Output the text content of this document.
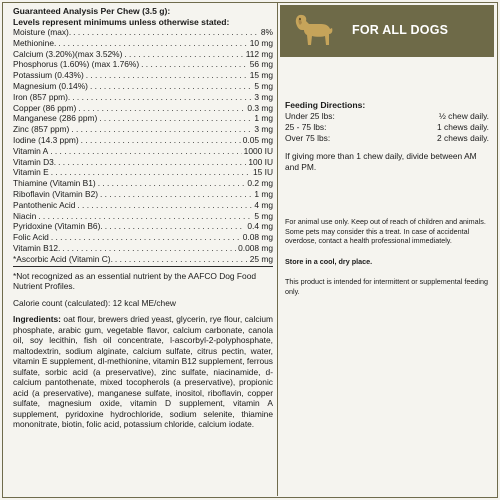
Guaranteed Analysis Per Chew (3.5 g):
Levels represent minimums unless otherwise stated:
Moisture (max). . . .	8%
Methionine. . . .	10 mg
Calcium (3.20%)(max 3.52%) . . .	112 mg
Phosphorus (1.60%) (max 1.76%) . . .	56 mg
Potassium (0.43%) . . .	15 mg
Magnesium (0.14%) . . .	5 mg
Iron (857 ppm). . . .	3 mg
Copper (86 ppm) . . .	0.3 mg
Manganese (286 ppm) . . .	1 mg
Zinc (857 ppm) . . .	3 mg
Iodine (14.3 ppm) . . .	0.05 mg
Vitamin A . . .	1000 IU
Vitamin D3. . . .	100 IU
Vitamin E . . .	15 IU
Thiamine (Vitamin B1) . . .	0.2 mg
Riboflavin (Vitamin B2) . . .	1 mg
Pantothenic Acid . . .	4 mg
Niacin . . .	5 mg
Pyridoxine (Vitamin B6). . . .	0.4 mg
Folic Acid . . .	0.08 mg
Vitamin B12. . . .	0.008 mg
*Ascorbic Acid (Vitamin C). . . .	25 mg
*Not recognized as an essential nutrient by the AAFCO Dog Food Nutrient Profiles.
Calorie count (calculated): 12 kcal ME/chew
Ingredients: oat flour, brewers dried yeast, glycerin, rye flour, calcium phosphate, arabic gum, vegetable flavor, calcium carbonate, canola oil, soy lecithin, fish oil concentrate, l-ascorbyl-2-polyphosphate, maltodextrin, sodium alginate, calcium sulfate, citrus pectin, water, vitamin E supplement, dl-methionine, vitamin B12 supplement, ferrous sulfate, sorbic acid (a preservative), zinc sulfate, niacinamide, d-calcium pantothenate, mixed tocopherols (a preservative), propionic acid (a preservative), manganese sulfate, inositol, riboflavin, copper sulfate, magnesium oxide, vitamin D supplement, vitamin A supplement, pyridoxine hydrochloride, sodium selenite, thiamine mononitrate, biotin, folic acid, potassium chloride, calcium iodate.
FOR ALL DOGS
Feeding Directions:
Under 25 lbs:	½ chew daily.
25 - 75 lbs:	1 chews daily.
Over 75 lbs:	2 chews daily.
If giving more than 1 chew daily, divide between AM and PM.
For animal use only. Keep out of reach of children and animals. Some pets may consider this a treat. In case of accidental overdose, contact a health professional immediately.
Store in a cool, dry place.
This product is intended for intermittent or supplemental feeding only.
